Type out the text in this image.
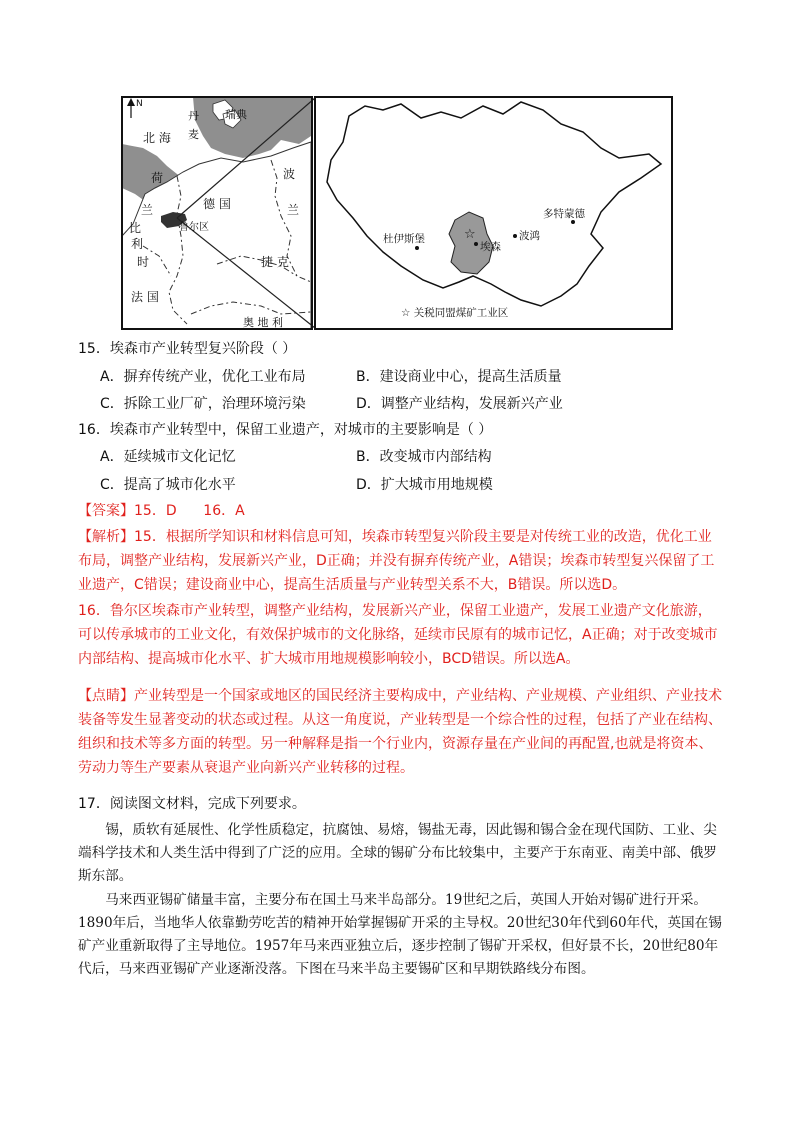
N
北 海 丹 麦 瑞典
荷
兰	德 国
波
兰
比
利
时
鲁尔区
捷 克
法 国
奥 地 利
☆
杜伊斯堡
埃森
波鸿
多特蒙德
☆ 关税同盟煤矿工业区
15．埃森市产业转型复兴阶段（ ）
A．摒弃传统产业，优化工业布局	B．建设商业中心，提高生活质量
C．拆除工业厂矿，治理环境污染	D．调整产业结构，发展新兴产业
16．埃森市产业转型中，保留工业遗产，对城市的主要影响是（ ）
A．延续城市文化记忆	B．改变城市内部结构
C．提高了城市化水平	D．扩大城市用地规模
【答案】15．D      16．A
【解析】15．根据所学知识和材料信息可知，埃森市转型复兴阶段主要是对传统工业的改造，优化工业布局，调整产业结构，发展新兴产业，D正确；并没有摒弃传统产业，A错误；埃森市转型复兴保留了工业遗产，C错误；建设商业中心，提高生活质量与产业转型关系不大，B错误。所以选D。
16．鲁尔区埃森市产业转型，调整产业结构，发展新兴产业，保留工业遗产，发展工业遗产文化旅游，可以传承城市的工业文化，有效保护城市的文化脉络，延续市民原有的城市记忆，A正确；对于改变城市内部结构、提高城市化水平、扩大城市用地规模影响较小，BCD错误。所以选A。
【点睛】产业转型是一个国家或地区的国民经济主要构成中，产业结构、产业规模、产业组织、产业技术装备等发生显著变动的状态或过程。从这一角度说，产业转型是一个综合性的过程，包括了产业在结构、组织和技术等多方面的转型。另一种解释是指一个行业内，资源存量在产业间的再配置,也就是将资本、劳动力等生产要素从衰退产业向新兴产业转移的过程。
17．阅读图文材料，完成下列要求。
锡，质软有延展性、化学性质稳定，抗腐蚀、易熔，锡盐无毒，因此锡和锡合金在现代国防、工业、尖端科学技术和人类生活中得到了广泛的应用。全球的锡矿分布比较集中，主要产于东南亚、南美中部、俄罗斯东部。
马来西亚锡矿储量丰富，主要分布在国土马来半岛部分。19世纪之后，英国人开始对锡矿进行开采。1890年后，当地华人依靠勤劳吃苦的精神开始掌握锡矿开采的主导权。20世纪30年代到60年代，英国在锡矿产业重新取得了主导地位。1957年马来西亚独立后，逐步控制了锡矿开采权，但好景不长，20世纪80年代后，马来西亚锡矿产业逐渐没落。下图在马来半岛主要锡矿区和早期铁路线分布图。
